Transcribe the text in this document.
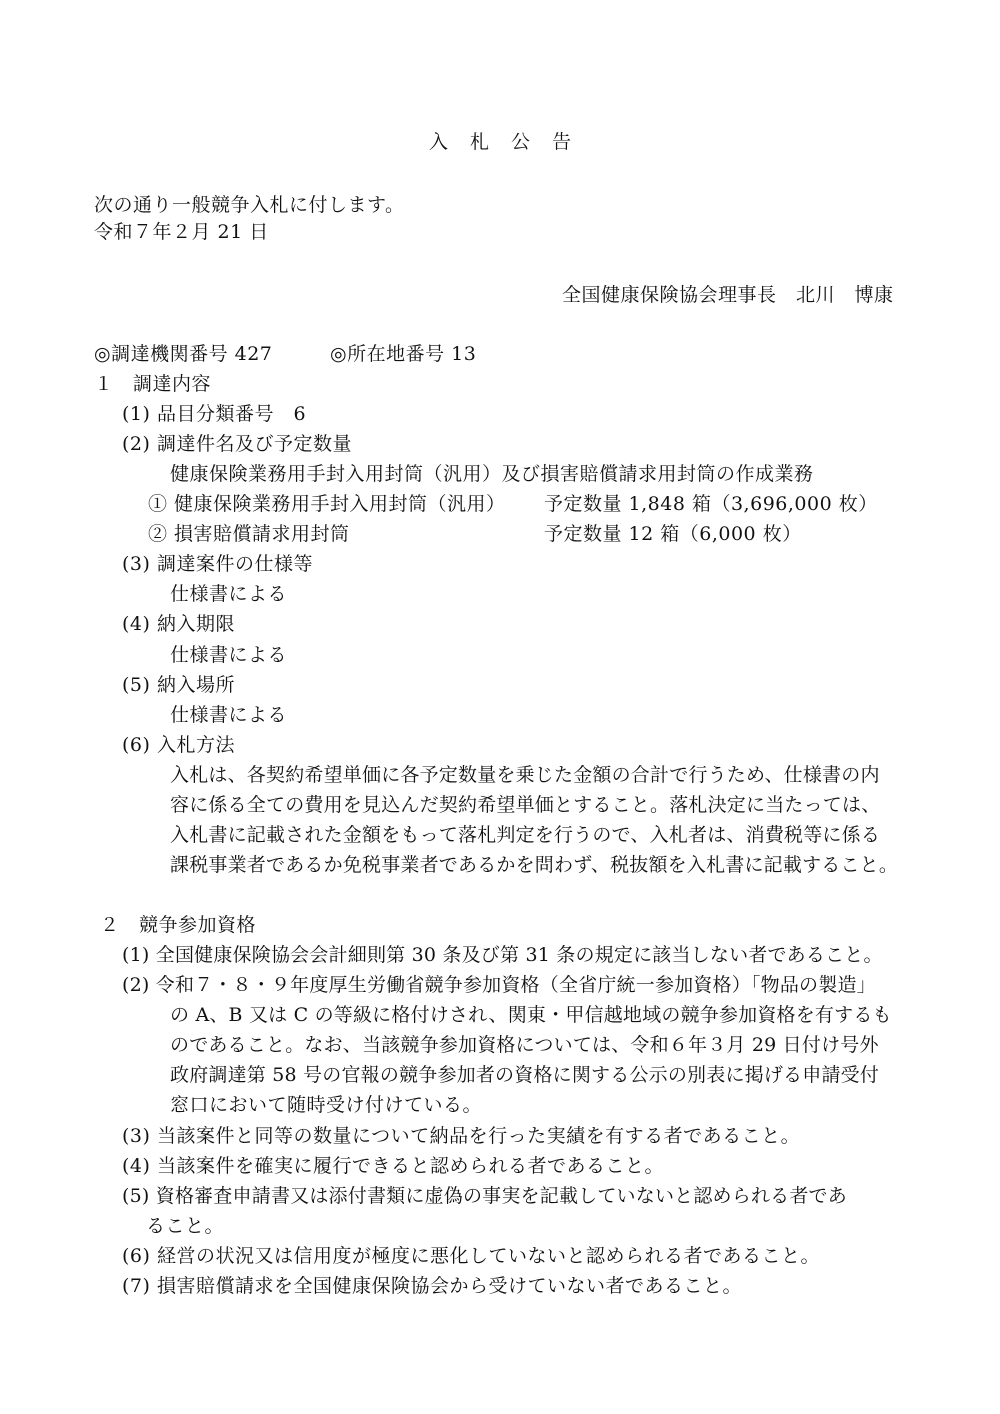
入 札 公 告
次の通り一般競争入札に付します。
令和７年２月 21 日
全国健康保険協会理事長　北川　博康
◎調達機関番号 427	◎所在地番号 13
１　調達内容
(1) 品目分類番号　6
(2) 調達件名及び予定数量
健康保険業務用手封入用封筒（汎用）及び損害賠償請求用封筒の作成業務
① 健康保険業務用手封入用封筒（汎用） 予定数量 1,848 箱（3,696,000 枚）
② 損害賠償請求用封筒	予定数量 12 箱（6,000 枚）
(3) 調達案件の仕様等
仕様書による
(4) 納入期限
仕様書による
(5) 納入場所
仕様書による
(6) 入札方法
入札は、各契約希望単価に各予定数量を乗じた金額の合計で行うため、仕様書の内
容に係る全ての費用を見込んだ契約希望単価とすること。落札決定に当たっては、
入札書に記載された金額をもって落札判定を行うので、入札者は、消費税等に係る
課税事業者であるか免税事業者であるかを問わず、税抜額を入札書に記載すること。
２　競争参加資格
(1) 全国健康保険協会会計細則第 30 条及び第 31 条の規定に該当しない者であること。
(2) 令和７・８・９年度厚生労働省競争参加資格（全省庁統一参加資格）「物品の製造」
の A、B 又は C の等級に格付けされ、関東・甲信越地域の競争参加資格を有するも
のであること。なお、当該競争参加資格については、令和６年３月 29 日付け号外
政府調達第 58 号の官報の競争参加者の資格に関する公示の別表に掲げる申請受付
窓口において随時受け付けている。
(3) 当該案件と同等の数量について納品を行った実績を有する者であること。
(4) 当該案件を確実に履行できると認められる者であること。
(5) 資格審査申請書又は添付書類に虚偽の事実を記載していないと認められる者であ
ること。
(6) 経営の状況又は信用度が極度に悪化していないと認められる者であること。
(7) 損害賠償請求を全国健康保険協会から受けていない者であること。
